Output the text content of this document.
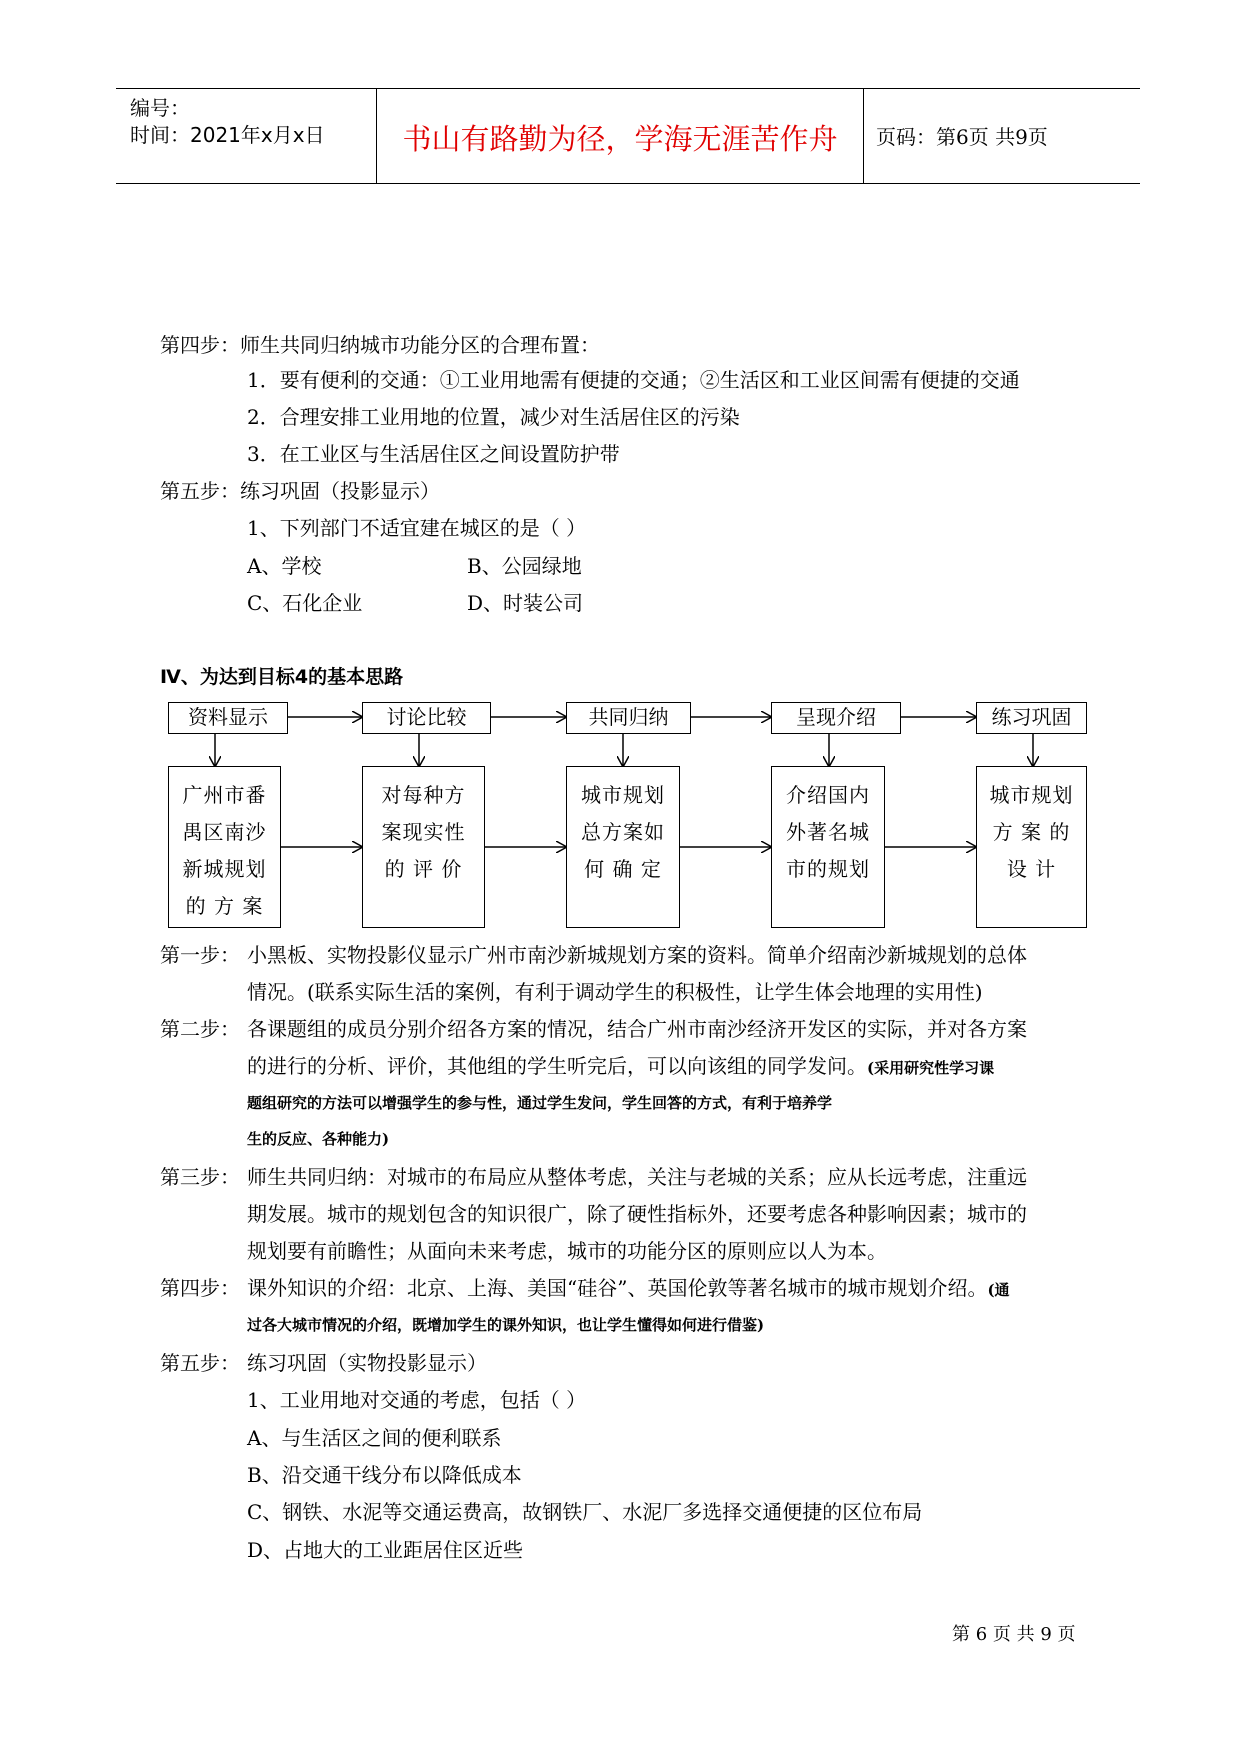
编号：
时间：2021年x月x日	书山有路勤为径，学海无涯苦作舟	页码：第6页 共9页
第四步：师生共同归纳城市功能分区的合理布置：
1．要有便利的交通：①工业用地需有便捷的交通；②生活区和工业区间需有便捷的交通
2．合理安排工业用地的位置，减少对生活居住区的污染
3．在工业区与生活居住区之间设置防护带
第五步：练习巩固（投影显示）
1、下列部门不适宜建在城区的是（ ）
A、学校	B、公园绿地
C、石化企业	D、时装公司
Ⅳ、为达到目标4的基本思路
资料显示	讨论比较	共同归纳	呈现介绍	练习巩固
广州市番
禺区南沙
新城规划
的 方 案
对每种方
案现实性
的 评 价
城市规划
总方案如
何 确 定
介绍国内
外著名城
市的规划
城市规划
方 案 的
设 计
第一步： 小黑板、实物投影仪显示广州市南沙新城规划方案的资料。简单介绍南沙新城规划的总体
情况。(联系实际生活的案例，有利于调动学生的积极性，让学生体会地理的实用性)
第二步： 各课题组的成员分别介绍各方案的情况，结合广州市南沙经济开发区的实际，并对各方案
的进行的分析、评价，其他组的学生听完后，可以向该组的同学发问。(采用研究性学习课
题组研究的方法可以增强学生的参与性，通过学生发问，学生回答的方式，有利于培养学
生的反应、各种能力)
第三步： 师生共同归纳：对城市的布局应从整体考虑，关注与老城的关系；应从长远考虑，注重远
期发展。城市的规划包含的知识很广，除了硬性指标外，还要考虑各种影响因素；城市的
规划要有前瞻性；从面向未来考虑，城市的功能分区的原则应以人为本。
第四步： 课外知识的介绍：北京、上海、美国“硅谷”、英国伦敦等著名城市的城市规划介绍。(通
过各大城市情况的介绍，既增加学生的课外知识，也让学生懂得如何进行借鉴)
第五步： 练习巩固（实物投影显示）
1、工业用地对交通的考虑，包括（ ）
A、与生活区之间的便利联系
B、沿交通干线分布以降低成本
C、钢铁、水泥等交通运费高，故钢铁厂、水泥厂多选择交通便捷的区位布局
D、占地大的工业距居住区近些
第 6 页 共 9 页
